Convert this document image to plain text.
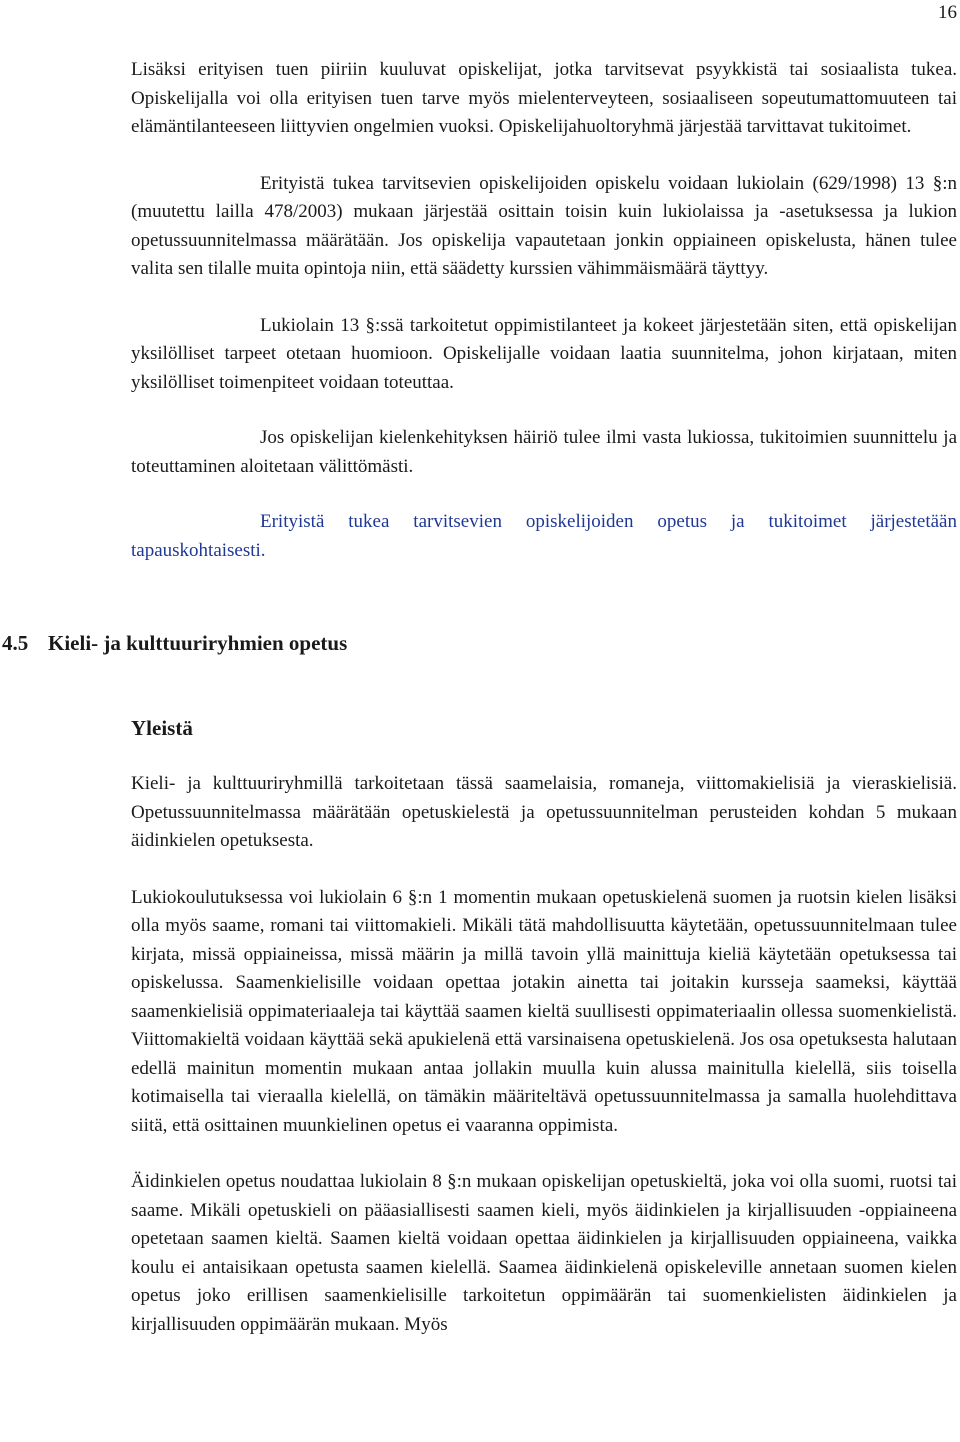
16

Lisäksi erityisen tuen piiriin kuuluvat opiskelijat, jotka tarvitsevat psyykkistä tai sosiaalista tukea. Opiskelijalla voi olla erityisen tuen tarve myös mielenterveyteen, sosiaaliseen sopeutumattomuuteen tai elämäntilanteeseen liittyvien ongelmien vuoksi. Opiskelijahuoltoryhmä järjestää tarvittavat tukitoimet.

Erityistä tukea tarvitsevien opiskelijoiden opiskelu voidaan lukiolain (629/1998) 13 §:n (muutettu lailla 478/2003) mukaan järjestää osittain toisin kuin lukiolaissa ja -asetuksessa ja lukion opetussuunnitelmassa määrätään. Jos opiskelija vapautetaan jonkin oppiaineen opiskelusta, hänen tulee valita sen tilalle muita opintoja niin, että säädetty kurssien vähimmäismäärä täyttyy.

Lukiolain 13 §:ssä tarkoitetut oppimistilanteet ja kokeet järjestetään siten, että opiskelijan yksilölliset tarpeet otetaan huomioon. Opiskelijalle voidaan laatia suunnitelma, johon kirjataan, miten yksilölliset toimenpiteet voidaan toteuttaa.

Jos opiskelijan kielenkehityksen häiriö tulee ilmi vasta lukiossa, tukitoimien suunnittelu ja toteuttaminen aloitetaan välittömästi.

Erityistä tukea tarvitsevien opiskelijoiden opetus ja tukitoimet järjestetään tapauskohtaisesti.

4.5 Kieli- ja kulttuuriryhmien opetus
Yleistä

Kieli- ja kulttuuriryhmillä tarkoitetaan tässä saamelaisia, romaneja, viittomakielisiä ja vieraskielisiä. Opetussuunnitelmassa määrätään opetuskielestä ja opetussuunnitelman perusteiden kohdan 5 mukaan äidinkielen opetuksesta.

Lukiokoulutuksessa voi lukiolain 6 §:n 1 momentin mukaan opetuskielenä suomen ja ruotsin kielen lisäksi olla myös saame, romani tai viittomakieli. Mikäli tätä mahdollisuutta käytetään, opetussuunnitelmaan tulee kirjata, missä oppiaineissa, missä määrin ja millä tavoin yllä mainittuja kieliä käytetään opetuksessa tai opiskelussa. Saamenkielisille voidaan opettaa jotakin ainetta tai joitakin kursseja saameksi, käyttää saamenkielisiä oppimateriaaleja tai käyttää saamen kieltä suullisesti oppimateriaalin ollessa suomenkielistä. Viittomakieltä voidaan käyttää sekä apukielenä että varsinaisena opetuskielenä. Jos osa opetuksesta halutaan edellä mainitun momentin mukaan antaa jollakin muulla kuin alussa mainitulla kielellä, siis toisella kotimaisella tai vieraalla kielellä, on tämäkin määriteltävä opetussuunnitelmassa ja samalla huolehdittava siitä, että osittainen muunkielinen opetus ei vaaranna oppimista.

Äidinkielen opetus noudattaa lukiolain 8 §:n mukaan opiskelijan opetuskieltä, joka voi olla suomi, ruotsi tai saame. Mikäli opetuskieli on pääasiallisesti saamen kieli, myös äidinkielen ja kirjallisuuden -oppiaineena opetetaan saamen kieltä. Saamen kieltä voidaan opettaa äidinkielen ja kirjallisuuden oppiaineena, vaikka koulu ei antaisikaan opetusta saamen kielellä. Saamea äidinkielenä opiskeleville annetaan suomen kielen opetus joko erillisen saamenkielisille tarkoitetun oppimäärän tai suomenkielisten äidinkielen ja kirjallisuuden oppimäärän mukaan. Myös
